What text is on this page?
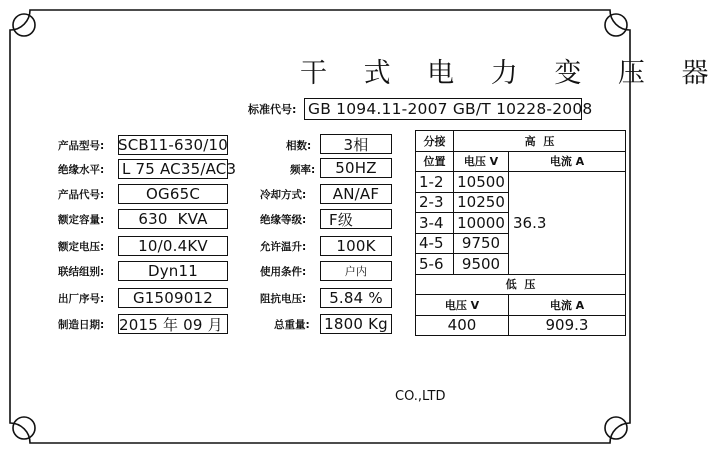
干 式 电 力 变 压 器
标准代号: GB 1094.11-2007 GB/T 10228-2008
产品型号: SCB11-630/10
绝缘水平: L 75 AC35/AC3
产品代号:	OG65C
额定容量: 630  KVA
额定电压: 10/0.4KV
联结组别:	Dyn11
出厂序号: G1509012
制造日期: 2015 年 09 月
相数: 3相
频率: 50HZ
冷却方式: AN/AF
绝缘等级: F级
允许温升: 100K
使用条件:	户内
阻抗电压: 5.84 %
总重量: 1800 Kg
分接	高  压	
位置	电压 V	电流 A
1-2	10500	36.3
2-3	10250	
3-4	10000	
4-5	9750	
5-6	9500	
低  压		
电压 V		电流 A
400		909.3
CO.,LTD
